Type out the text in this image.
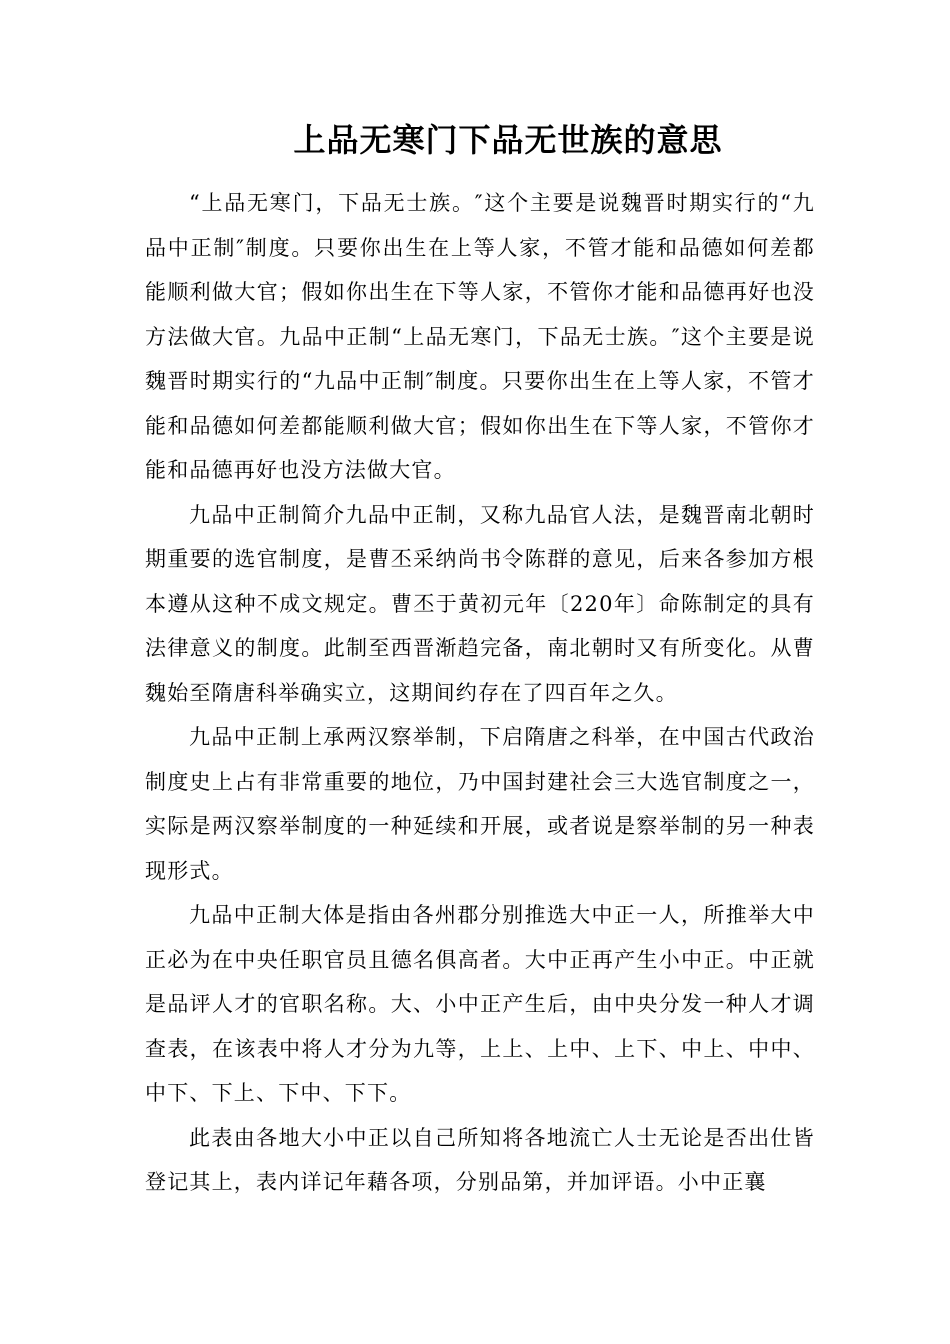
上品无寒门下品无世族的意思

“上品无寒门，下品无士族。″这个主要是说魏晋时期实行的“九品中正制″制度。只要你出生在上等人家，不管才能和品德如何差都能顺利做大官；假如你出生在下等人家，不管你才能和品德再好也没方法做大官。九品中正制“上品无寒门，下品无士族。″这个主要是说魏晋时期实行的“九品中正制″制度。只要你出生在上等人家，不管才能和品德如何差都能顺利做大官；假如你出生在下等人家，不管你才能和品德再好也没方法做大官。

九品中正制简介九品中正制，又称九品官人法，是魏晋南北朝时期重要的选官制度，是曹丕采纳尚书令陈群的意见，后来各参加方根本遵从这种不成文规定。曹丕于黄初元年〔220年〕命陈制定的具有法律意义的制度。此制至西晋渐趋完备，南北朝时又有所变化。从曹魏始至隋唐科举确实立，这期间约存在了四百年之久。

九品中正制上承两汉察举制，下启隋唐之科举，在中国古代政治制度史上占有非常重要的地位，乃中国封建社会三大选官制度之一，实际是两汉察举制度的一种延续和开展，或者说是察举制的另一种表现形式。

九品中正制大体是指由各州郡分别推选大中正一人，所推举大中正必为在中央任职官员且德名俱高者。大中正再产生小中正。中正就是品评人才的官职名称。大、小中正产生后，由中央分发一种人才调查表，在该表中将人才分为九等，上上、上中、上下、中上、中中、中下、下上、下中、下下。

此表由各地大小中正以自己所知将各地流亡人士无论是否出仕皆登记其上，表内详记年藉各项，分别品第，并加评语。小中正襄
